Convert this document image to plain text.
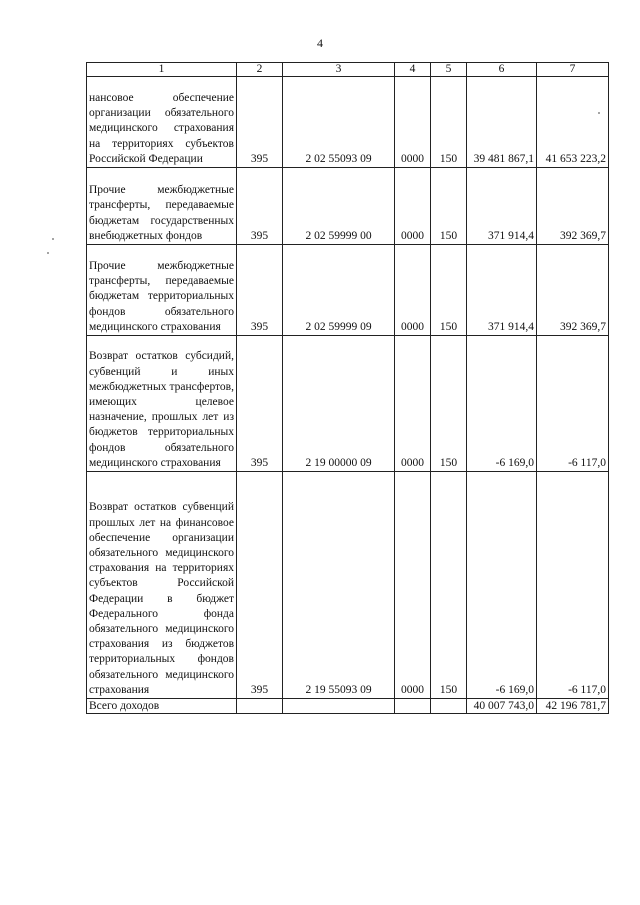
4
1	2	3	4	5	6	7

нансовое обеспечение организации обязательного медицинского страхования на территориях субъектов Российской Федерации	395	2 02 55093 09	0000	150	39 481 867,1	41 653 223,2

Прочие межбюджетные трансферты, передаваемые бюджетам государственных внебюджетных фондов	395	2 02 59999 00	0000	150	371 914,4	392 369,7

Прочие межбюджетные трансферты, передаваемые бюджетам территориальных фондов обязательного медицинского страхования	395	2 02 59999 09	0000	150	371 914,4	392 369,7

Возврат остатков субсидий, субвенций и иных межбюджетных трансфертов, имеющих целевое назначение, прошлых лет из бюджетов территориальных фондов обязательного медицинского страхования	395	2 19 00000 09	0000	150	-6 169,0	-6 117,0

Возврат остатков субвенций прошлых лет на финансовое обеспечение организации обязательного медицинского страхования на территориях субъектов Российской Федерации в бюджет Федерального фонда обязательного медицинского страхования из бюджетов территориальных фондов обязательного медицинского страхования	395	2 19 55093 09	0000	150	-6 169,0	-6 117,0
Всего доходов					40 007 743,0	42 196 781,7
